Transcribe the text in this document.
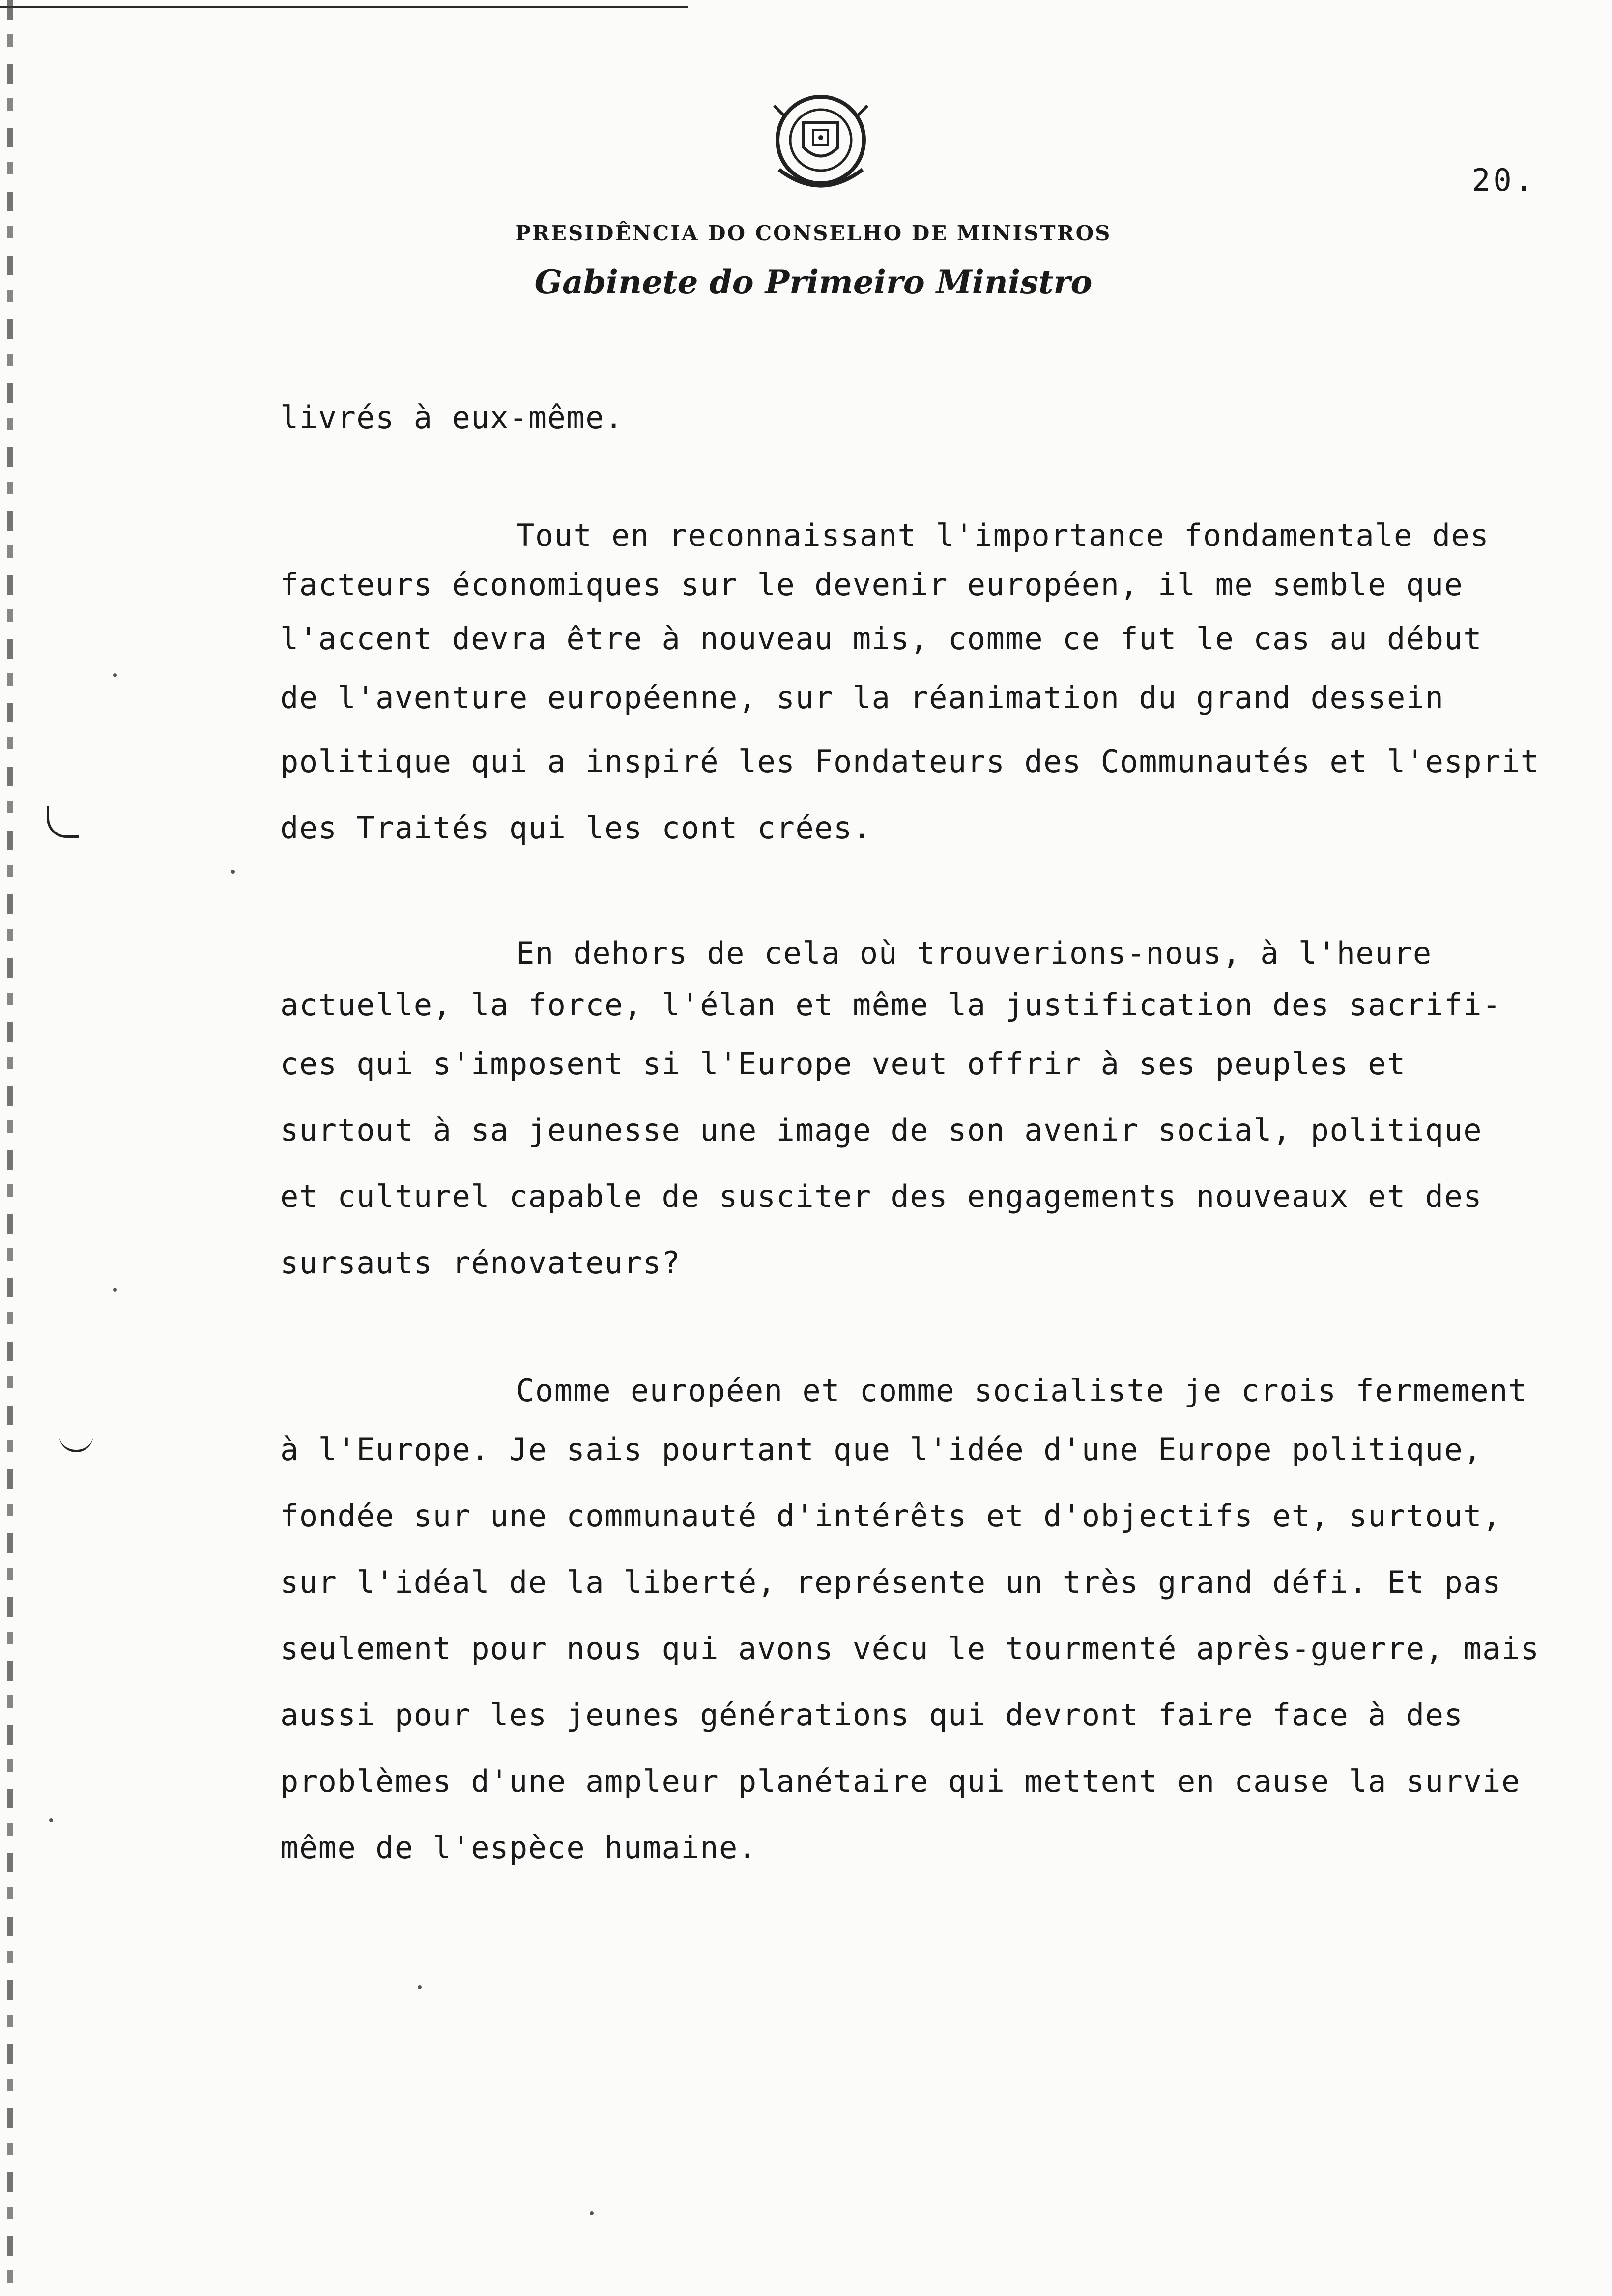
20.
PRESIDÊNCIA DO CONSELHO DE MINISTROS
Gabinete do Primeiro Ministro
livrés à eux-même.
Tout en reconnaissant l'importance fondamentale des
facteurs économiques sur le devenir européen, il me semble que
l'accent devra être à nouveau mis, comme ce fut le cas au début
de l'aventure européenne, sur la réanimation du grand dessein
politique qui a inspiré les Fondateurs des Communautés et l'esprit
des Traités qui les cont crées.
En dehors de cela où trouverions-nous, à l'heure
actuelle, la force, l'élan et même la justification des sacrifi-
ces qui s'imposent si l'Europe veut offrir à ses peuples et
surtout à sa jeunesse une image de son avenir social, politique
et culturel capable de susciter des engagements nouveaux et des
sursauts rénovateurs?
Comme européen et comme socialiste je crois fermement
à l'Europe. Je sais pourtant que l'idée d'une Europe politique,
fondée sur une communauté d'intérêts et d'objectifs et, surtout,
sur l'idéal de la liberté, représente un très grand défi. Et pas
seulement pour nous qui avons vécu le tourmenté après-guerre, mais
aussi pour les jeunes générations qui devront faire face à des
problèmes d'une ampleur planétaire qui mettent en cause la survie
même de l'espèce humaine.
